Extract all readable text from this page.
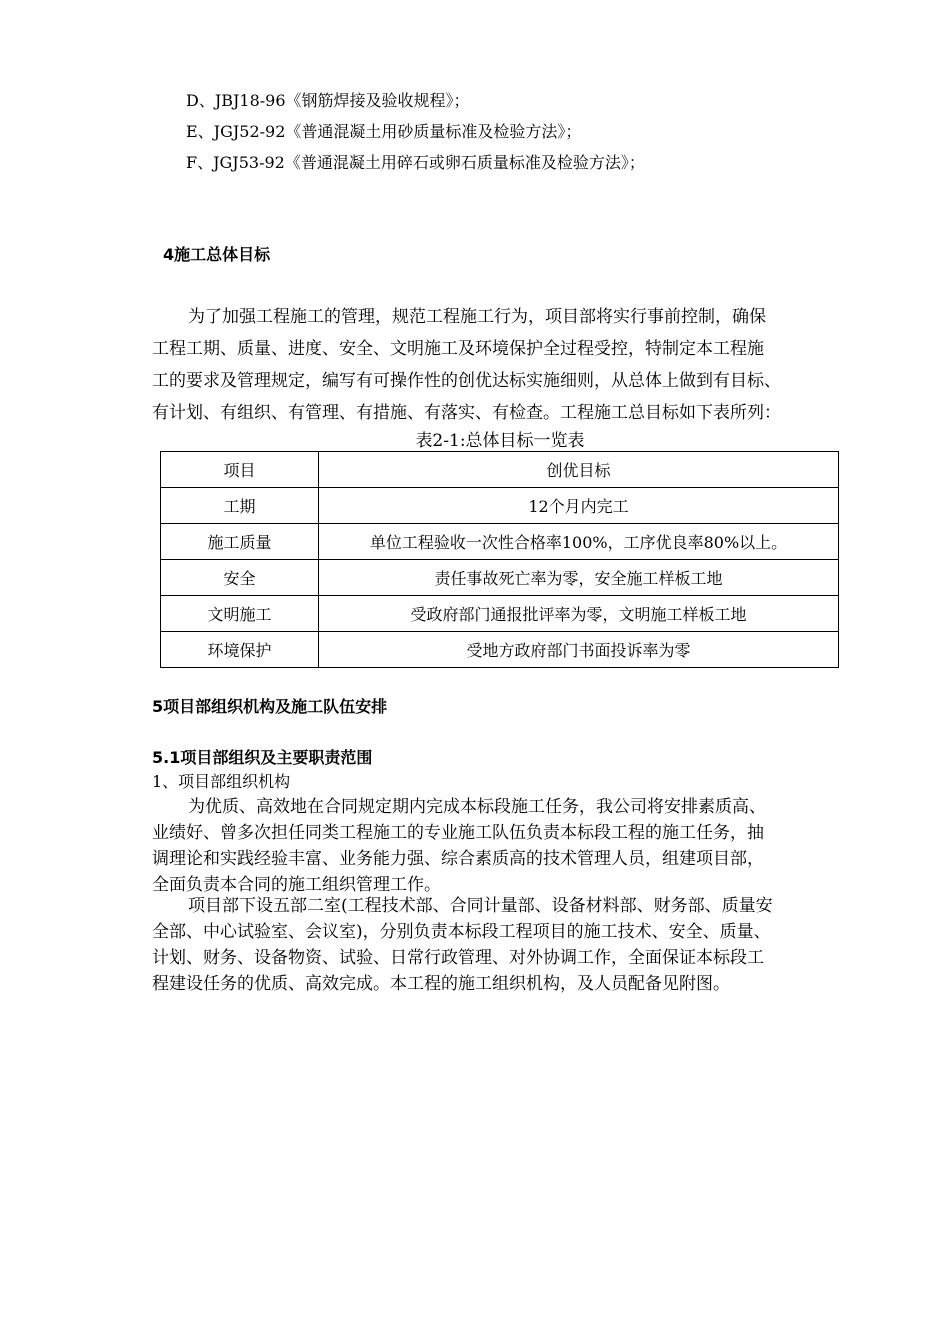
D、JBJ18-96《钢筋焊接及验收规程》；
E、JGJ52-92《普通混凝土用砂质量标准及检验方法》；
F、JGJ53-92《普通混凝土用碎石或卵石质量标准及检验方法》；
4施工总体目标
为了加强工程施工的管理，规范工程施工行为，项目部将实行事前控制，确保
工程工期、质量、进度、安全、文明施工及环境保护全过程受控，特制定本工程施
工的要求及管理规定，编写有可操作性的创优达标实施细则，从总体上做到有目标、
有计划、有组织、有管理、有措施、有落实、有检查。工程施工总目标如下表所列：
表2-1:总体目标一览表
项目	创优目标
工期	12个月内完工
施工质量	单位工程验收一次性合格率100%，工序优良率80%以上。
安全	责任事故死亡率为零，安全施工样板工地
文明施工	受政府部门通报批评率为零，文明施工样板工地
环境保护	受地方政府部门书面投诉率为零
5项目部组织机构及施工队伍安排
5.1项目部组织及主要职责范围
1、项目部组织机构
为优质、高效地在合同规定期内完成本标段施工任务，我公司将安排素质高、
业绩好、曾多次担任同类工程施工的专业施工队伍负责本标段工程的施工任务，抽
调理论和实践经验丰富、业务能力强、综合素质高的技术管理人员，组建项目部，
全面负责本合同的施工组织管理工作。
项目部下设五部二室(工程技术部、合同计量部、设备材料部、财务部、质量安
全部、中心试验室、会议室)，分别负责本标段工程项目的施工技术、安全、质量、
计划、财务、设备物资、试验、日常行政管理、对外协调工作，全面保证本标段工
程建设任务的优质、高效完成。本工程的施工组织机构，及人员配备见附图。
